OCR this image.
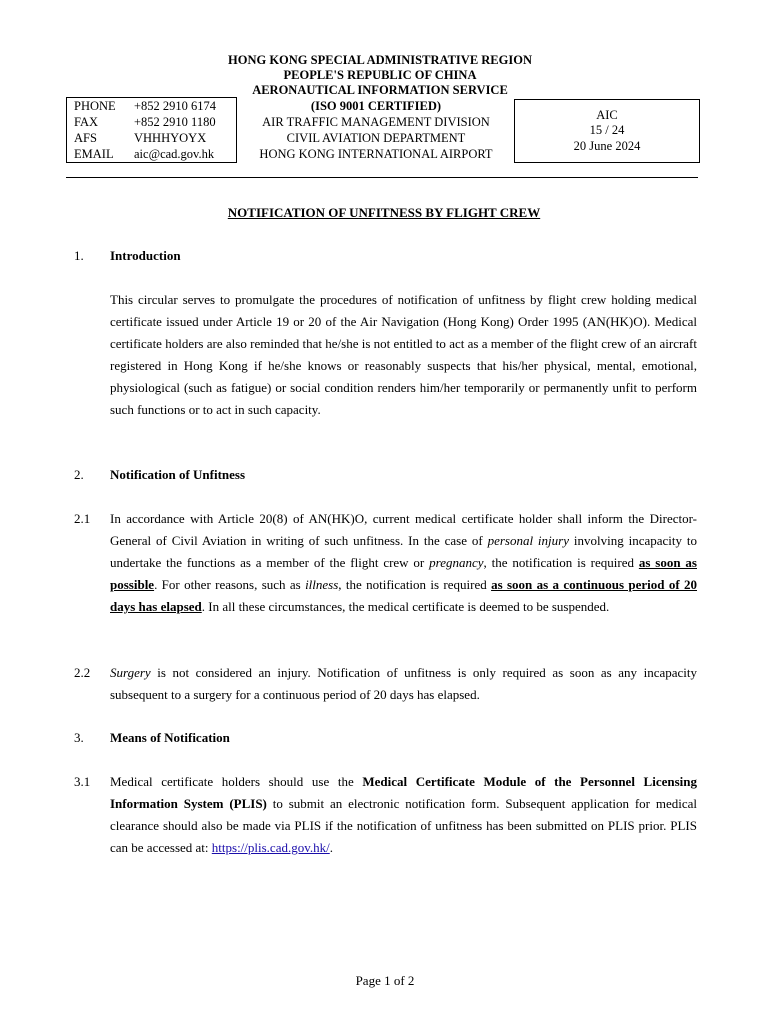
HONG KONG SPECIAL ADMINISTRATIVE REGION
PEOPLE'S REPUBLIC OF CHINA
AERONAUTICAL INFORMATION SERVICE
PHONE +852 2910 6174
FAX	+852 2910 1180
AFS	VHHHYOYX
EMAIL aic@cad.gov.hk
(ISO 9001 CERTIFIED)
AIR TRAFFIC MANAGEMENT DIVISION
CIVIL AVIATION DEPARTMENT
HONG KONG INTERNATIONAL AIRPORT
AIC
15 / 24
20 June 2024
NOTIFICATION OF UNFITNESS BY FLIGHT CREW
1. Introduction
This circular serves to promulgate the procedures of notification of unfitness by flight crew holding medical certificate issued under Article 19 or 20 of the Air Navigation (Hong Kong) Order 1995 (AN(HK)O). Medical certificate holders are also reminded that he/she is not entitled to act as a member of the flight crew of an aircraft registered in Hong Kong if he/she knows or reasonably suspects that his/her physical, mental, emotional, physiological (such as fatigue) or social condition renders him/her temporarily or permanently unfit to perform such functions or to act in such capacity.
2. Notification of Unfitness
2.1 In accordance with Article 20(8) of AN(HK)O, current medical certificate holder shall inform the Director-General of Civil Aviation in writing of such unfitness. In the case of personal injury involving incapacity to undertake the functions as a member of the flight crew or pregnancy, the notification is required as soon as possible. For other reasons, such as illness, the notification is required as soon as a continuous period of 20 days has elapsed. In all these circumstances, the medical certificate is deemed to be suspended.
2.2 Surgery is not considered an injury. Notification of unfitness is only required as soon as any incapacity subsequent to a surgery for a continuous period of 20 days has elapsed.
3. Means of Notification
3.1 Medical certificate holders should use the Medical Certificate Module of the Personnel Licensing Information System (PLIS) to submit an electronic notification form. Subsequent application for medical clearance should also be made via PLIS if the notification of unfitness has been submitted on PLIS prior. PLIS can be accessed at: https://plis.cad.gov.hk/.
Page 1 of 2
